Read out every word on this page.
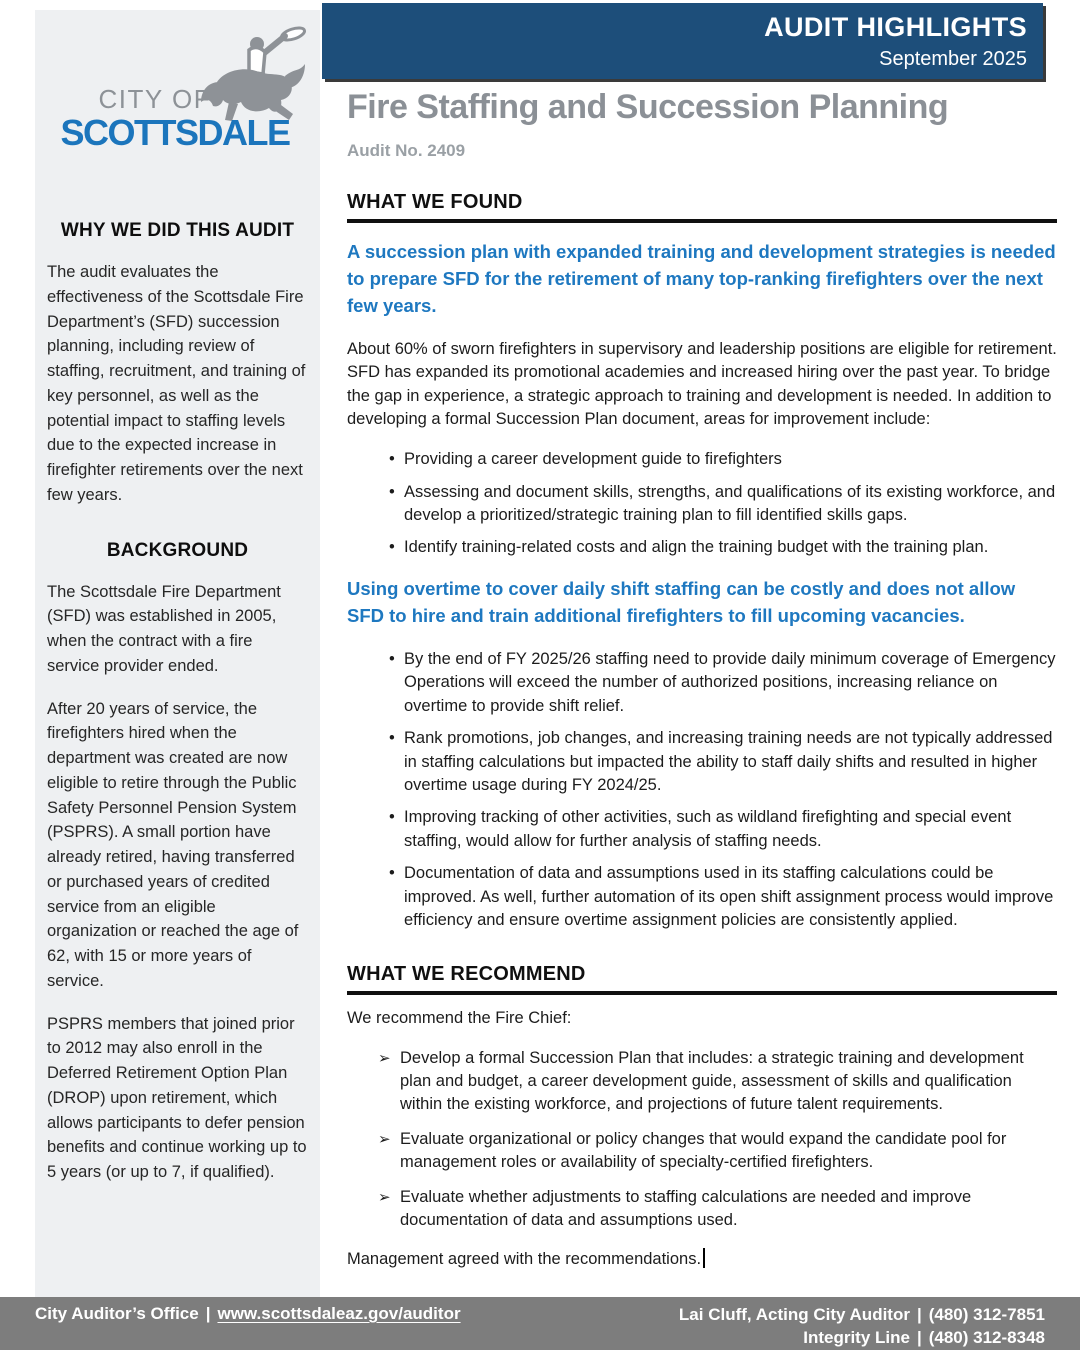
CITY OF
SCOTTSDALE
WHY WE DID THIS AUDIT

The audit evaluates the effectiveness of the Scottsdale Fire Department’s (SFD) succession planning, including review of staffing, recruitment, and training of key personnel, as well as the potential impact to staffing levels due to the expected increase in firefighter retirements over the next few years.

BACKGROUND

The Scottsdale Fire Department (SFD) was established in 2005, when the contract with a fire service provider ended.

After 20 years of service, the firefighters hired when the department was created are now eligible to retire through the Public Safety Personnel Pension System (PSPRS). A small portion have already retired, having transferred or purchased years of credited service from an eligible organization or reached the age of 62, with 15 or more years of service.

PSPRS members that joined prior to 2012 may also enroll in the Deferred Retirement Option Plan (DROP) upon retirement, which allows participants to defer pension benefits and continue working up to 5 years (or up to 7, if qualified).

AUDIT HIGHLIGHTS
September 2025
Fire Staffing and Succession Planning
Audit No. 2409
WHAT WE FOUND

A succession plan with expanded training and development strategies is needed to prepare SFD for the retirement of many top-ranking firefighters over the next few years.

About 60% of sworn firefighters in supervisory and leadership positions are eligible for retirement. SFD has expanded its promotional academies and increased hiring over the past year. To bridge the gap in experience, a strategic approach to training and development is needed. In addition to developing a formal Succession Plan document, areas for improvement include:

• Providing a career development guide to firefighters
• Assessing and document skills, strengths, and qualifications of its existing workforce, and develop a prioritized/strategic training plan to fill identified skills gaps.
• Identify training-related costs and align the training budget with the training plan.

Using overtime to cover daily shift staffing can be costly and does not allow SFD to hire and train additional firefighters to fill upcoming vacancies.

• By the end of FY 2025/26 staffing need to provide daily minimum coverage of Emergency Operations will exceed the number of authorized positions, increasing reliance on overtime to provide shift relief.
• Rank promotions, job changes, and increasing training needs are not typically addressed in staffing calculations but impacted the ability to staff daily shifts and resulted in higher overtime usage during FY 2024/25.
• Improving tracking of other activities, such as wildland firefighting and special event staffing, would allow for further analysis of staffing needs.
• Documentation of data and assumptions used in its staffing calculations could be improved. As well, further automation of its open shift assignment process would improve efficiency and ensure overtime assignment policies are consistently applied.
WHAT WE RECOMMEND

We recommend the Fire Chief:

➢ Develop a formal Succession Plan that includes: a strategic training and development plan and budget, a career development guide, assessment of skills and qualification within the existing workforce, and projections of future talent requirements.
➢ Evaluate organizational or policy changes that would expand the candidate pool for management roles or availability of specialty-certified firefighters.
➢ Evaluate whether adjustments to staffing calculations are needed and improve documentation of data and assumptions used.

Management agreed with the recommendations.

City Auditor’s Office | www.scottsdaleaz.gov/auditor	Lai Cluff, Acting City Auditor | (480) 312-7851
Integrity Line | (480) 312-8348
